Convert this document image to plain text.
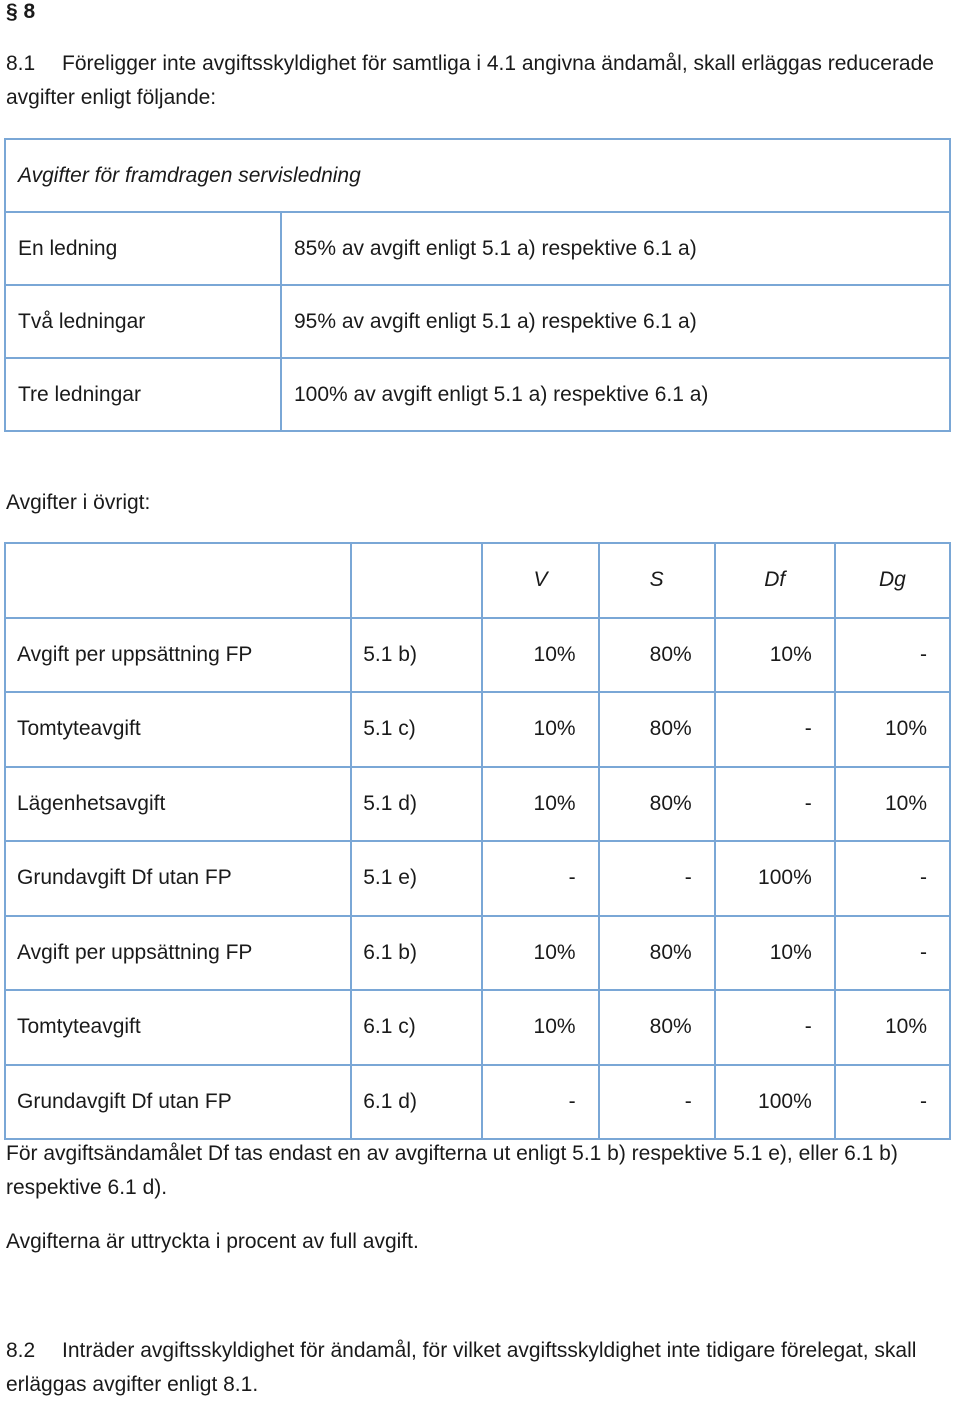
§ 8
8.1 Föreligger inte avgiftsskyldighet för samtliga i 4.1 angivna ändamål, skall erläggas reducerade avgifter enligt följande:
Avgifter för framdragen servisledning	
En ledning	85% av avgift enligt 5.1 a) respektive 6.1 a)
Två ledningar	95% av avgift enligt 5.1 a) respektive 6.1 a)
Tre ledningar	100% av avgift enligt 5.1 a) respektive 6.1 a)
Avgifter i övrigt:
		V	S	Df	Dg
Avgift per uppsättning FP	5.1 b)	10%	80%	10%	-
Tomtyteavgift	5.1 c)	10%	80%	-	10%
Lägenhetsavgift	5.1 d)	10%	80%	-	10%
Grundavgift Df utan FP	5.1 e)	-	-	100%	-
Avgift per uppsättning FP	6.1 b)	10%	80%	10%	-
Tomtyteavgift	6.1 c)	10%	80%	-	10%
Grundavgift Df utan FP	6.1 d)	-	-	100%	-
För avgiftsändamålet Df tas endast en av avgifterna ut enligt 5.1 b) respektive 5.1 e), eller 6.1 b) respektive 6.1 d).
Avgifterna är uttryckta i procent av full avgift.
8.2 Inträder avgiftsskyldighet för ändamål, för vilket avgiftsskyldighet inte tidigare förelegat, skall erläggas avgifter enligt 8.1.
